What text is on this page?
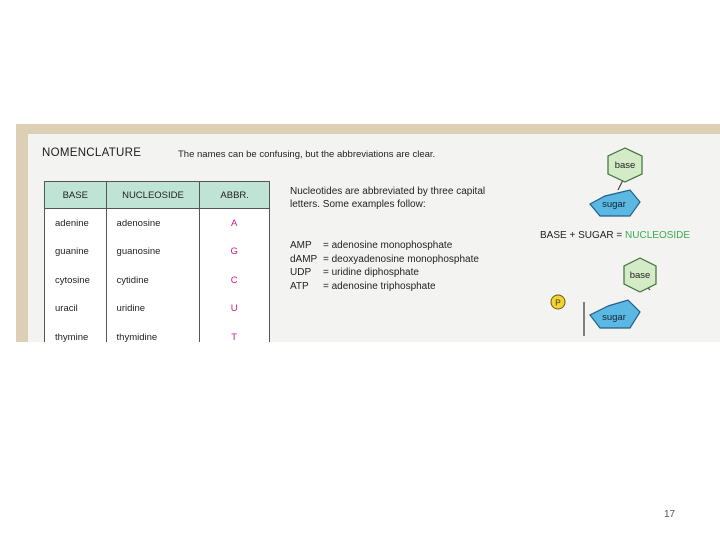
NOMENCLATURE	The names can be confusing, but the abbreviations are clear.
BASE	NUCLEOSIDE	ABBR.
adenine	adenosine	A
guanine	guanosine	G
cytosine	cytidine	C
uracil	uridine	U
thymine	thymidine	T
Nucleotides are abbreviated by three capital letters. Some examples follow:
AMP = adenosine monophosphate
dAMP = deoxyadenosine monophosphate
UDP = uridine diphosphate
ATP = adenosine triphosphate
base
sugar
BASE + SUGAR = NUCLEOSIDE
base
sugar
P
17
